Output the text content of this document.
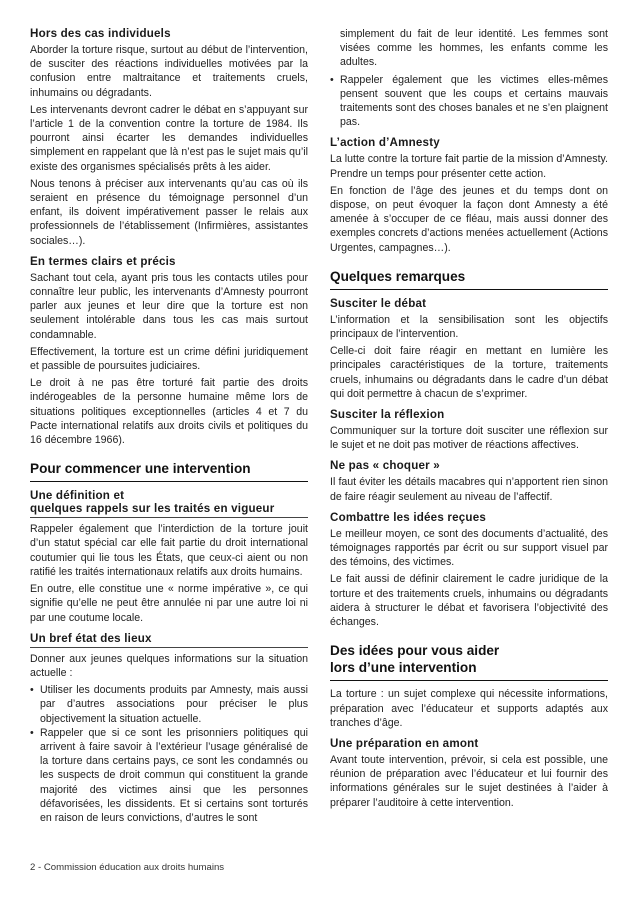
Hors des cas individuels

Aborder la torture risque, surtout au début de l’intervention, de susciter des réactions individuelles motivées par la confusion entre maltraitance et traitements cruels, inhumains ou dégradants.

Les intervenants devront cadrer le débat en s’appuyant sur l’article 1 de la convention contre la torture de 1984. Ils pourront ainsi écarter les demandes individuelles simplement en rappelant que là n’est pas le sujet mais qu’il existe des organismes spécialisés prêts à les aider.

Nous tenons à préciser aux intervenants qu’au cas où ils seraient en présence du témoignage personnel d’un enfant, ils doivent impérativement passer le relais aux professionnels de l’établissement (Infirmières, assistantes sociales…).

En termes clairs et précis

Sachant tout cela, ayant pris tous les contacts utiles pour connaître leur public, les intervenants d’Amnesty pourront parler aux jeunes et leur dire que la torture est non seulement intolérable dans tous les cas mais surtout condamnable.

Effectivement, la torture est un crime défini juridiquement et passible de poursuites judiciaires.

Le droit à ne pas être torturé fait partie des droits indérogeables de la personne humaine même lors de situations politiques exceptionnelles (articles 4 et 7 du Pacte international relatifs aux droits civils et politiques du 16 décembre 1966).

Pour commencer une intervention
Une définition et
quelques rappels sur les traités en vigueur

Rappeler également que l’interdiction de la torture jouit d’un statut spécial car elle fait partie du droit international coutumier qui lie tous les États, que ceux-ci aient ou non ratifié les traités internationaux relatifs aux droits humains.

En outre, elle constitue une « norme impérative », ce qui signifie qu’elle ne peut être annulée ni par une autre loi ni par une coutume locale.

Un bref état des lieux

Donner aux jeunes quelques informations sur la situation actuelle :

• Utiliser les documents produits par Amnesty, mais aussi par d’autres associations pour préciser le plus objectivement la situation actuelle.
• Rappeler que si ce sont les prisonniers politiques qui arrivent à faire savoir à l’extérieur l’usage généralisé de la torture dans certains pays, ce sont les condamnés ou les suspects de droit commun qui constituent la grande majorité des victimes ainsi que les personnes défavorisées, les dissidents. Et si certains sont torturés en raison de leurs convictions, d’autres le sont

simplement du fait de leur identité. Les femmes sont visées comme les hommes, les enfants comme les adultes.

• Rappeler également que les victimes elles-mêmes pensent souvent que les coups et certains mauvais traitements sont des choses banales et ne s’en plaignent pas.
L’action d’Amnesty

La lutte contre la torture fait partie de la mission d’Amnesty. Prendre un temps pour présenter cette action.

En fonction de l’âge des jeunes et du temps dont on dispose, on peut évoquer la façon dont Amnesty a été amenée à s’occuper de ce fléau, mais aussi donner des exemples concrets d’actions menées actuellement (Actions Urgentes, campagnes…).

Quelques remarques
Susciter le débat

L’information et la sensibilisation sont les objectifs principaux de l’intervention.

Celle-ci doit faire réagir en mettant en lumière les principales caractéristiques de la torture, traitements cruels, inhumains ou dégradants dans le cadre d’un débat qui doit permettre à chacun de s’exprimer.

Susciter la réflexion

Communiquer sur la torture doit susciter une réflexion sur le sujet et ne doit pas motiver de réactions affectives.

Ne pas « choquer »

Il faut éviter les détails macabres qui n’apportent rien sinon de faire réagir seulement au niveau de l’affectif.

Combattre les idées reçues

Le meilleur moyen, ce sont des documents d’actualité, des témoignages rapportés par écrit ou sur support visuel par des témoins, des victimes.

Le fait aussi de définir clairement le cadre juridique de la torture et des traitements cruels, inhumains ou dégradants aidera à structurer le débat et favorisera l’objectivité des échanges.

Des idées pour vous aider
lors d’une intervention

La torture : un sujet complexe qui nécessite informations, préparation avec l’éducateur et supports adaptés aux tranches d’âge.

Une préparation en amont

Avant toute intervention, prévoir, si cela est possible, une réunion de préparation avec l’éducateur et lui fournir des informations générales sur le sujet destinées à l’aider à préparer l’auditoire à cette intervention.

2 - Commission éducation aux droits humains
